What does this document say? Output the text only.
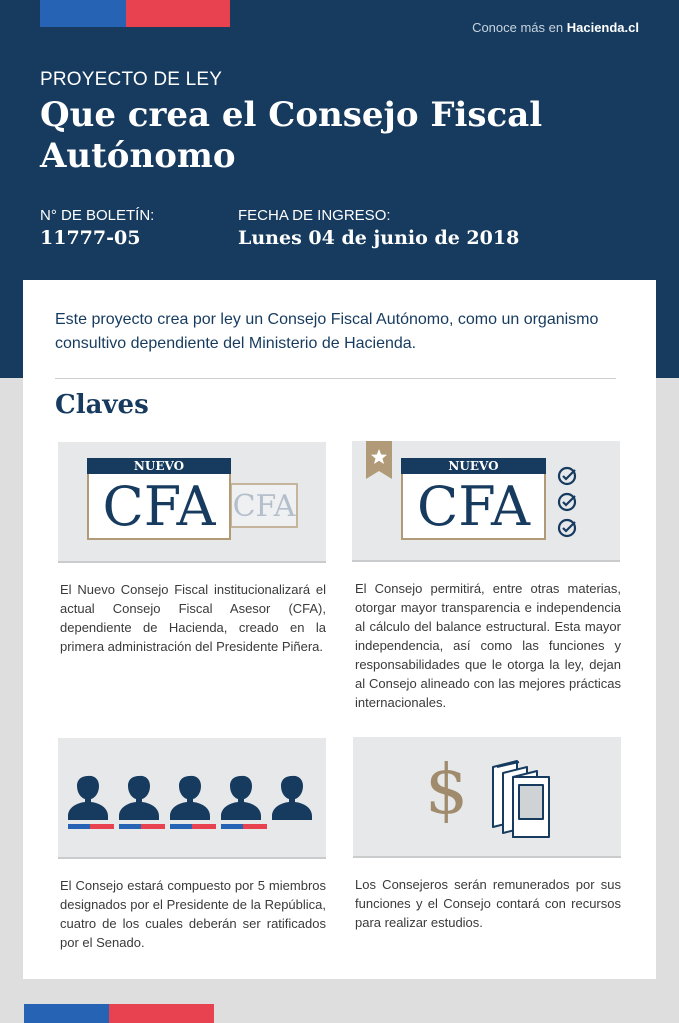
Conoce más en Hacienda.cl
PROYECTO DE LEY
Que crea el Consejo Fiscal Autónomo
N° DE BOLETÍN:
11777-05
FECHA DE INGRESO:
Lunes 04 de junio de 2018
Este proyecto crea por ley un Consejo Fiscal Autónomo, como un organismo consultivo dependiente del Ministerio de Hacienda.
Claves
CFA
NUEVO
CFA
El Nuevo Consejo Fiscal institucionalizará el actual Consejo Fiscal Asesor (CFA), dependiente de Hacienda, creado en la primera administración del Presidente Piñera.
NUEVO
CFA
El Consejo permitirá, entre otras materias, otorgar mayor transparencia e independencia al cálculo del balance estructural. Esta mayor independencia, así como las funciones y responsabilidades que le otorga la ley, dejan al Consejo alineado con las mejores prácticas internacionales.
El Consejo estará compuesto por 5 miembros designados por el Presidente de la República, cuatro de los cuales deberán ser ratificados por el Senado.
$
Los Consejeros serán remunerados por sus funciones y el Consejo contará con recursos para realizar estudios.
